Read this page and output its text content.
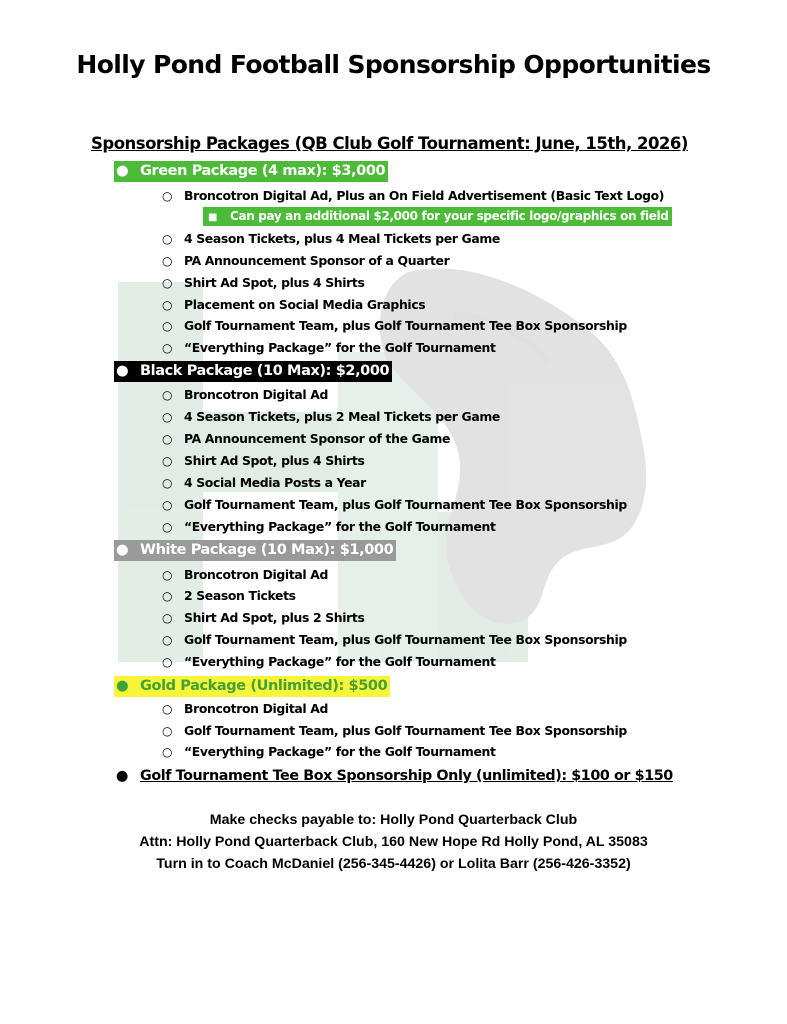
Holly Pond Football Sponsorship Opportunities
Sponsorship Packages (QB Club Golf Tournament: June, 15th, 2026)
● Green Package (4 max): $3,000
○ Broncotron Digital Ad, Plus an On Field Advertisement (Basic Text Logo)
■ Can pay an additional $2,000 for your specific logo/graphics on field
○ 4 Season Tickets, plus 4 Meal Tickets per Game
○ PA Announcement Sponsor of a Quarter
○ Shirt Ad Spot, plus 4 Shirts
○ Placement on Social Media Graphics
○ Golf Tournament Team, plus Golf Tournament Tee Box Sponsorship
○ “Everything Package” for the Golf Tournament
● Black Package (10 Max): $2,000
○ Broncotron Digital Ad
○ 4 Season Tickets, plus 2 Meal Tickets per Game
○ PA Announcement Sponsor of the Game
○ Shirt Ad Spot, plus 4 Shirts
○ 4 Social Media Posts a Year
○ Golf Tournament Team, plus Golf Tournament Tee Box Sponsorship
○ “Everything Package” for the Golf Tournament
● White Package (10 Max): $1,000
○ Broncotron Digital Ad
○ 2 Season Tickets
○ Shirt Ad Spot, plus 2 Shirts
○ Golf Tournament Team, plus Golf Tournament Tee Box Sponsorship
○ “Everything Package” for the Golf Tournament
● Gold Package (Unlimited): $500
○ Broncotron Digital Ad
○ Golf Tournament Team, plus Golf Tournament Tee Box Sponsorship
○ “Everything Package” for the Golf Tournament
● Golf Tournament Tee Box Sponsorship Only (unlimited): $100 or $150
Make checks payable to: Holly Pond Quarterback Club
Attn: Holly Pond Quarterback Club, 160 New Hope Rd Holly Pond, AL 35083
Turn in to Coach McDaniel (256-345-4426) or Lolita Barr (256-426-3352)
